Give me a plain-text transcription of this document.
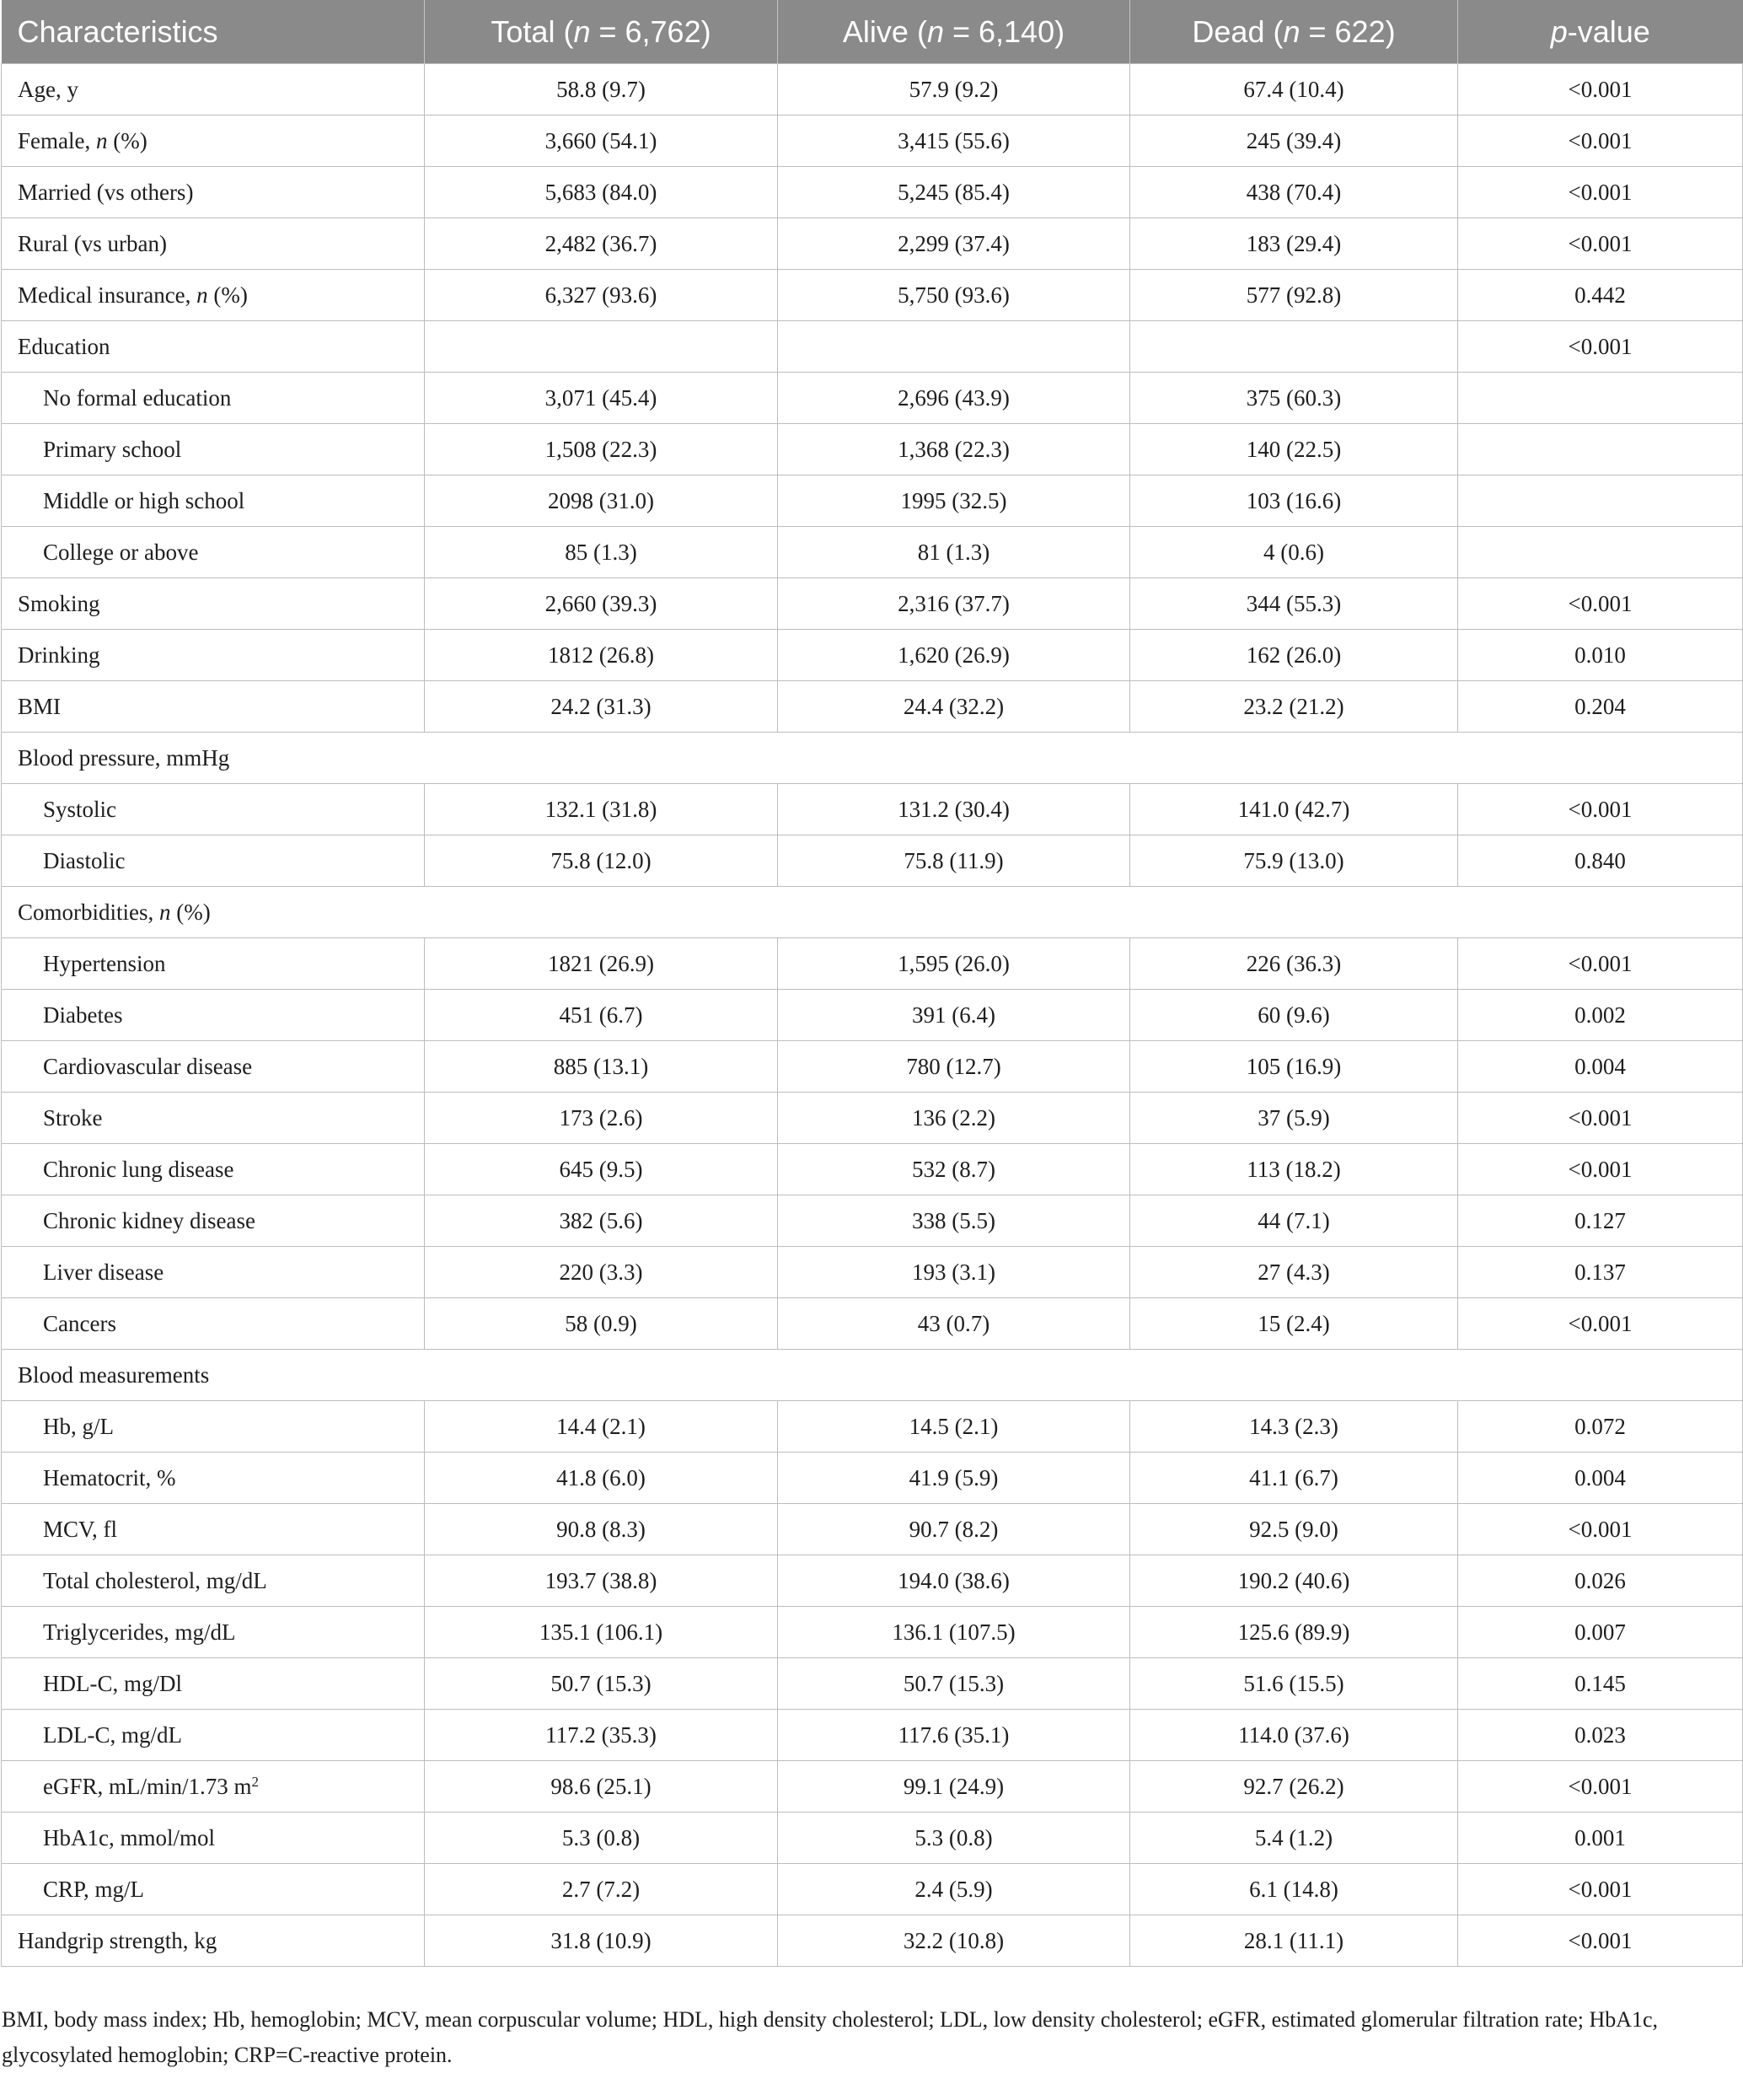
Characteristics	Total (n = 6,762)	Alive (n = 6,140)	Dead (n = 622)	p-value
Age, y	58.8 (9.7)	57.9 (9.2)	67.4 (10.4)	<0.001
Female, n (%)	3,660 (54.1)	3,415 (55.6)	245 (39.4)	<0.001
Married (vs others)	5,683 (84.0)	5,245 (85.4)	438 (70.4)	<0.001
Rural (vs urban)	2,482 (36.7)	2,299 (37.4)	183 (29.4)	<0.001
Medical insurance, n (%)	6,327 (93.6)	5,750 (93.6)	577 (92.8)	0.442
Education				<0.001
No formal education	3,071 (45.4)	2,696 (43.9)	375 (60.3)	
Primary school	1,508 (22.3)	1,368 (22.3)	140 (22.5)	
Middle or high school	2098 (31.0)	1995 (32.5)	103 (16.6)	
College or above	85 (1.3)	81 (1.3)	4 (0.6)	
Smoking	2,660 (39.3)	2,316 (37.7)	344 (55.3)	<0.001
Drinking	1812 (26.8)	1,620 (26.9)	162 (26.0)	0.010
BMI	24.2 (31.3)	24.4 (32.2)	23.2 (21.2)	0.204
Blood pressure, mmHg				
Systolic	132.1 (31.8)	131.2 (30.4)	141.0 (42.7)	<0.001
Diastolic	75.8 (12.0)	75.8 (11.9)	75.9 (13.0)	0.840
Comorbidities, n (%)				
Hypertension	1821 (26.9)	1,595 (26.0)	226 (36.3)	<0.001
Diabetes	451 (6.7)	391 (6.4)	60 (9.6)	0.002
Cardiovascular disease	885 (13.1)	780 (12.7)	105 (16.9)	0.004
Stroke	173 (2.6)	136 (2.2)	37 (5.9)	<0.001
Chronic lung disease	645 (9.5)	532 (8.7)	113 (18.2)	<0.001
Chronic kidney disease	382 (5.6)	338 (5.5)	44 (7.1)	0.127
Liver disease	220 (3.3)	193 (3.1)	27 (4.3)	0.137
Cancers	58 (0.9)	43 (0.7)	15 (2.4)	<0.001
Blood measurements				
Hb, g/L	14.4 (2.1)	14.5 (2.1)	14.3 (2.3)	0.072
Hematocrit, %	41.8 (6.0)	41.9 (5.9)	41.1 (6.7)	0.004
MCV, fl	90.8 (8.3)	90.7 (8.2)	92.5 (9.0)	<0.001
Total cholesterol, mg/dL	193.7 (38.8)	194.0 (38.6)	190.2 (40.6)	0.026
Triglycerides, mg/dL	135.1 (106.1)	136.1 (107.5)	125.6 (89.9)	0.007
HDL-C, mg/Dl	50.7 (15.3)	50.7 (15.3)	51.6 (15.5)	0.145
LDL-C, mg/dL	117.2 (35.3)	117.6 (35.1)	114.0 (37.6)	0.023
eGFR, mL/min/1.73 $m^2$	98.6 (25.1)	99.1 (24.9)	92.7 (26.2)	<0.001
HbA1c, mmol/mol	5.3 (0.8)	5.3 (0.8)	5.4 (1.2)	0.001
CRP, mg/L	2.7 (7.2)	2.4 (5.9)	6.1 (14.8)	<0.001
Handgrip strength, kg	31.8 (10.9)	32.2 (10.8)	28.1 (11.1)	<0.001
BMI, body mass index; Hb, hemoglobin; MCV, mean corpuscular volume; HDL, high density cholesterol; LDL, low density cholesterol; eGFR, estimated glomerular filtration rate; HbA1c, glycosylated hemoglobin; CRP=C-reactive protein.
